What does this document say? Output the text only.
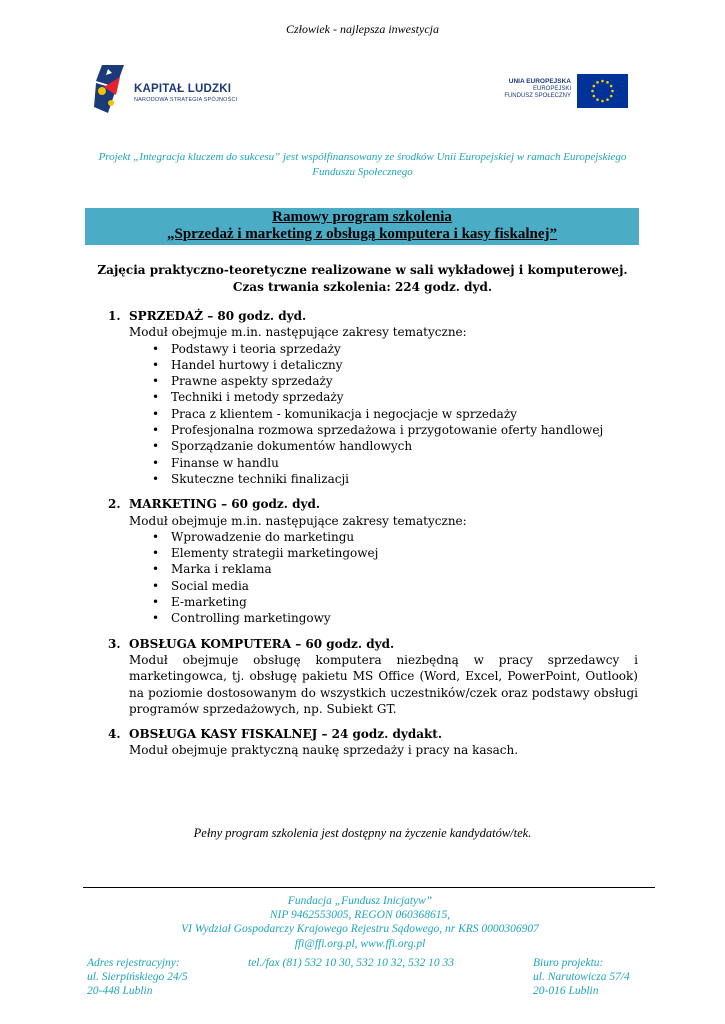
Człowiek - najlepsza inwestycja
KAPITAŁ LUDZKI
NARODOWA STRATEGIA SPÓJNOŚCI
UNIA EUROPEJSKA
EUROPEJSKI
FUNDUSZ SPOŁECZNY
Projekt „Integracja kluczem do sukcesu” jest współfinansowany ze środków Unii Europejskiej w ramach Europejskiego
Funduszu Społecznego
Ramowy program szkolenia
„Sprzedaż i marketing z obsługą komputera i kasy fiskalnej”
Zajęcia praktyczno-teoretyczne realizowane w sali wykładowej i komputerowej.
Czas trwania szkolenia: 224 godz. dyd.
1. SPRZEDAŻ – 80 godz. dyd.
Moduł obejmuje m.in. następujące zakresy tematyczne:
• Podstawy i teoria sprzedaży
• Handel hurtowy i detaliczny
• Prawne aspekty sprzedaży
• Techniki i metody sprzedaży
• Praca z klientem - komunikacja i negocjacje w sprzedaży
• Profesjonalna rozmowa sprzedażowa i przygotowanie oferty handlowej
• Sporządzanie dokumentów handlowych
• Finanse w handlu
• Skuteczne techniki finalizacji
2. MARKETING – 60 godz. dyd.
Moduł obejmuje m.in. następujące zakresy tematyczne:
• Wprowadzenie do marketingu
• Elementy strategii marketingowej
• Marka i reklama
• Social media
• E-marketing
• Controlling marketingowy
3. OBSŁUGA KOMPUTERA – 60 godz. dyd.
Moduł obejmuje obsługę komputera niezbędną w pracy sprzedawcy i marketingowca, tj. obsługę pakietu MS Office (Word, Excel, PowerPoint, Outlook) na poziomie dostosowanym do wszystkich uczestników/czek oraz podstawy obsługi programów sprzedażowych, np. Subiekt GT.
4. OBSŁUGA KASY FISKALNEJ – 24 godz. dydakt.
Moduł obejmuje praktyczną naukę sprzedaży i pracy na kasach.
Pełny program szkolenia jest dostępny na życzenie kandydatów/tek.
Fundacja „Fundusz Inicjatyw”
NIP 9462553005, REGON 060368615,
VI Wydział Gospodarczy Krajowego Rejestru Sądowego, nr KRS 0000306907
ffi@ffi.org.pl, www.ffi.org.pl
Adres rejestracyjny:
ul. Sierpińskiego 24/5
20-448 Lublin
tel./fax (81) 532 10 30, 532 10 32, 532 10 33	Biuro projektu:
ul. Narutowicza 57/4
20-016 Lublin
